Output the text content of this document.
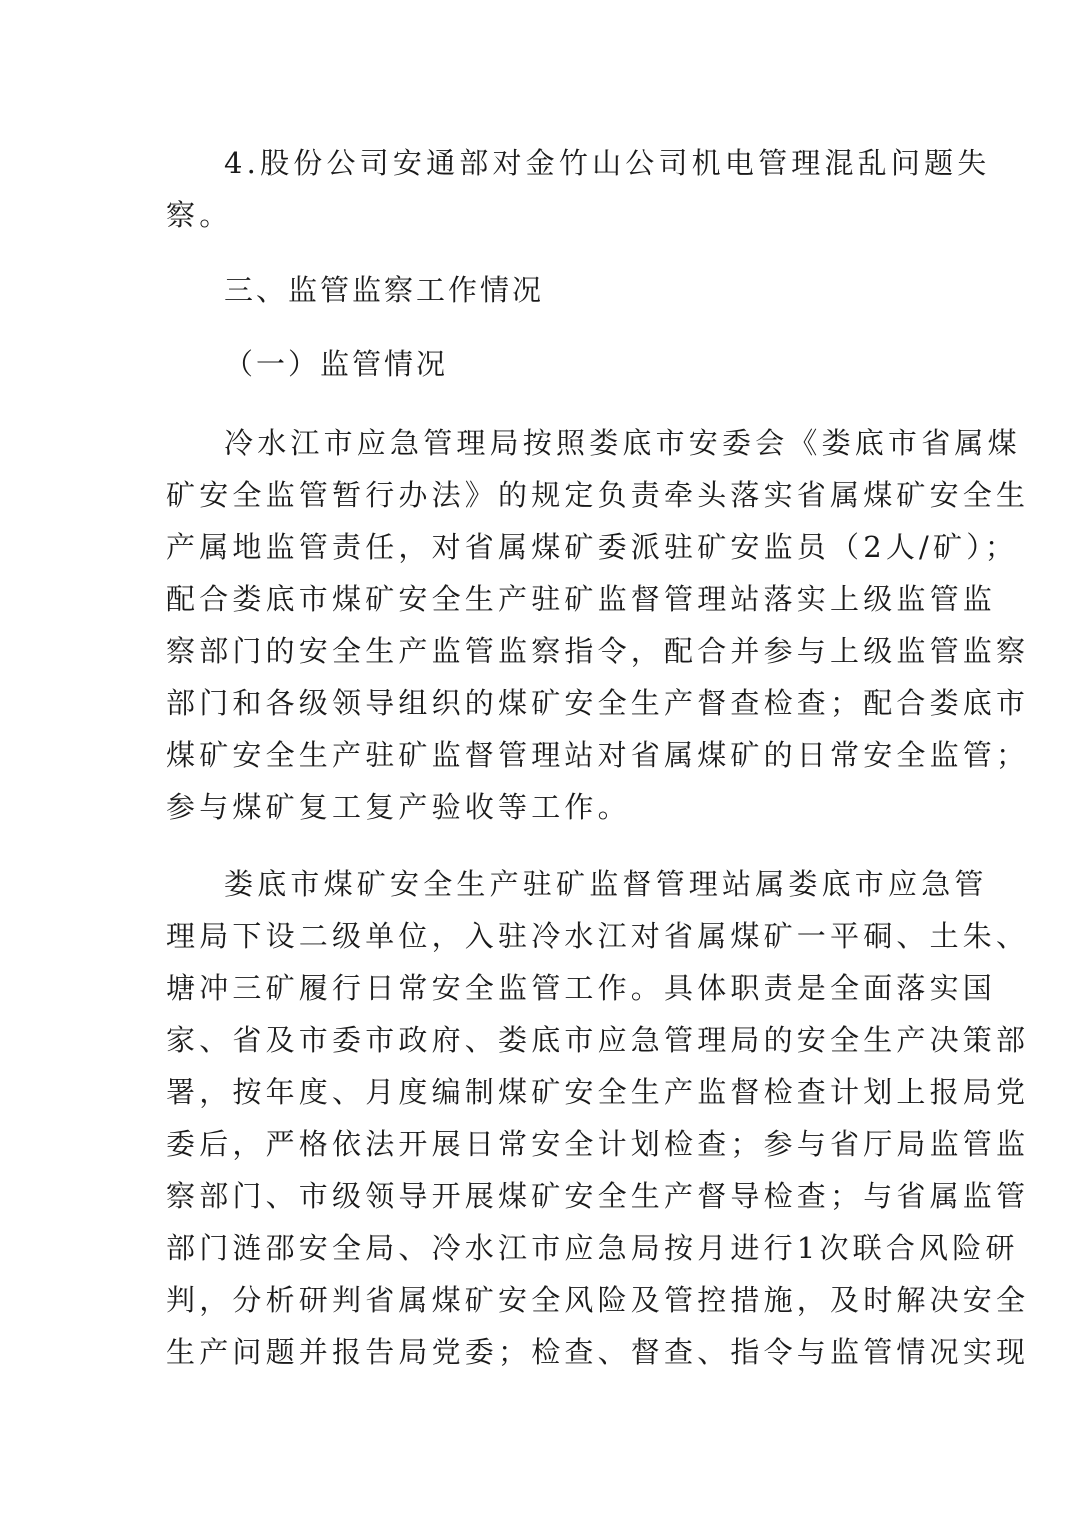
4.股份公司安通部对金竹山公司机电管理混乱问题失
察。
三、监管监察工作情况
（一）监管情况
冷水江市应急管理局按照娄底市安委会《娄底市省属煤
矿安全监管暂行办法》的规定负责牵头落实省属煤矿安全生
产属地监管责任，对省属煤矿委派驻矿安监员（2人/矿）；
配合娄底市煤矿安全生产驻矿监督管理站落实上级监管监
察部门的安全生产监管监察指令，配合并参与上级监管监察
部门和各级领导组织的煤矿安全生产督查检查；配合娄底市
煤矿安全生产驻矿监督管理站对省属煤矿的日常安全监管；
参与煤矿复工复产验收等工作。
娄底市煤矿安全生产驻矿监督管理站属娄底市应急管
理局下设二级单位，入驻冷水江对省属煤矿一平硐、土朱、
塘冲三矿履行日常安全监管工作。具体职责是全面落实国
家、省及市委市政府、娄底市应急管理局的安全生产决策部
署，按年度、月度编制煤矿安全生产监督检查计划上报局党
委后，严格依法开展日常安全计划检查；参与省厅局监管监
察部门、市级领导开展煤矿安全生产督导检查；与省属监管
部门涟邵安全局、冷水江市应急局按月进行1次联合风险研
判，分析研判省属煤矿安全风险及管控措施，及时解决安全
生产问题并报告局党委；检查、督查、指令与监管情况实现
